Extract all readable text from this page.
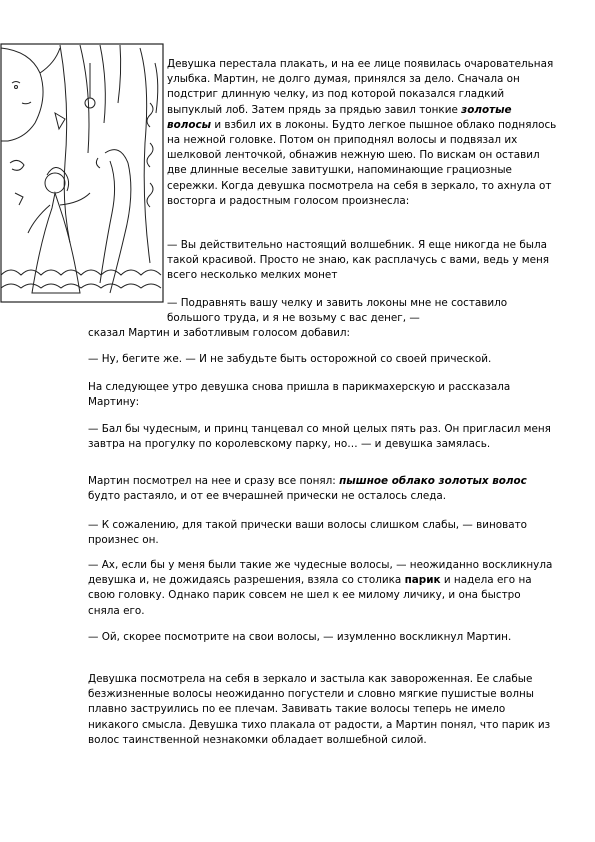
Девушка перестала плакать, и на ее лице появилась очаровательная улыбка. Мартин, не долго думая, принялся за дело. Сначала он подстриг длинную челку, из под которой показался гладкий выпуклый лоб. Затем прядь за прядью завил тонкие золотые волосы и взбил их в локоны. Будто легкое пышное облако поднялось на нежной головке. Потом он приподнял волосы и подвязал их шелковой ленточкой, обнажив нежную шею. По вискам он оставил две длинные веселые завитушки, напоминающие грациозные сережки. Когда девушка посмотрела на себя в зеркало, то ахнула от восторга и радостным голосом произнесла:

— Вы действительно настоящий волшебник. Я еще никогда не была такой красивой. Просто не знаю, как расплачусь с вами, ведь у меня всего несколько мелких монет

— Подравнять вашу челку и завить локоны мне не составило большого труда, и я не возьму с вас денег, —

сказал Мартин и заботливым голосом добавил:

— Ну, бегите же. — И не забудьте быть осторожной со своей прической.

На следующее утро девушка снова пришла в парикмахерскую и рассказала Мартину:

— Бал бы чудесным, и принц танцевал со мной целых пять раз. Он пригласил меня завтра на прогулку по королевскому парку, но… — и девушка замялась.

Мартин посмотрел на нее и сразу все понял: пышное облако золотых волос будто растаяло, и от ее вчерашней прически не осталось следа.

— К сожалению, для такой прически ваши волосы слишком слабы, — виновато произнес он.

— Ах, если бы у меня были такие же чудесные волосы, — неожиданно воскликнула девушка и, не дожидаясь разрешения, взяла со столика парик и надела его на свою головку. Однако парик совсем не шел к ее милому личику, и она быстро сняла его.

— Ой, скорее посмотрите на свои волосы, — изумленно воскликнул Мартин.

Девушка посмотрела на себя в зеркало и застыла как завороженная. Ее слабые безжизненные волосы неожиданно погустели и словно мягкие пушистые волны плавно заструились по ее плечам. Завивать такие волосы теперь не имело никакого смысла. Девушка тихо плакала от радости, а Мартин понял, что парик из волос таинственной незнакомки обладает волшебной силой.
